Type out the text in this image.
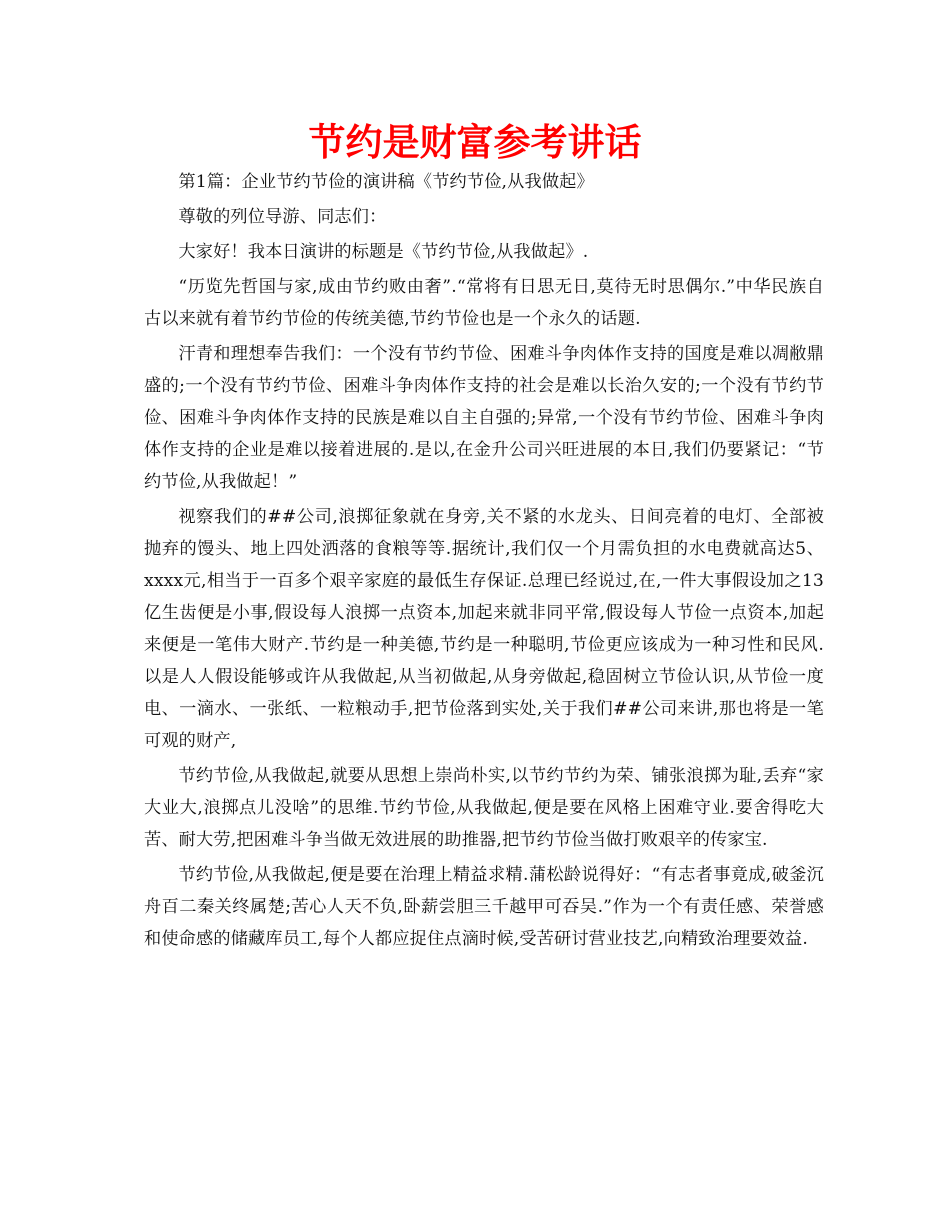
节约是财富参考讲话

第1篇：企业节约节俭的演讲稿《节约节俭,从我做起》

尊敬的列位导游、同志们：

大家好！我本日演讲的标题是《节约节俭,从我做起》.

“历览先哲国与家,成由节约败由奢”.“常将有日思无日,莫待无时思偶尔.”中华民族自古以来就有着节约节俭的传统美德,节约节俭也是一个永久的话题.

汗青和理想奉告我们：一个没有节约节俭、困难斗争肉体作支持的国度是难以凋敝鼎盛的;一个没有节约节俭、困难斗争肉体作支持的社会是难以长治久安的;一个没有节约节俭、困难斗争肉体作支持的民族是难以自主自强的;异常,一个没有节约节俭、困难斗争肉体作支持的企业是难以接着进展的.是以,在金升公司兴旺进展的本日,我们仍要紧记：“节约节俭,从我做起！”

视察我们的##公司,浪掷征象就在身旁,关不紧的水龙头、日间亮着的电灯、全部被抛弃的馒头、地上四处洒落的食粮等等.据统计,我们仅一个月需负担的水电费就高达5、xxxx元,相当于一百多个艰辛家庭的最低生存保证.总理已经说过,在,一件大事假设加之13亿生齿便是小事,假设每人浪掷一点资本,加起来就非同平常,假设每人节俭一点资本,加起来便是一笔伟大财产.节约是一种美德,节约是一种聪明,节俭更应该成为一种习性和民风.以是人人假设能够或许从我做起,从当初做起,从身旁做起,稳固树立节俭认识,从节俭一度电、一滴水、一张纸、一粒粮动手,把节俭落到实处,关于我们##公司来讲,那也将是一笔可观的财产,

节约节俭,从我做起,就要从思想上崇尚朴实,以节约节约为荣、铺张浪掷为耻,丢弃“家大业大,浪掷点儿没啥”的思维.节约节俭,从我做起,便是要在风格上困难守业.要舍得吃大苦、耐大劳,把困难斗争当做无效进展的助推器,把节约节俭当做打败艰辛的传家宝.

节约节俭,从我做起,便是要在治理上精益求精.蒲松龄说得好：“有志者事竟成,破釜沉舟百二秦关终属楚;苦心人天不负,卧薪尝胆三千越甲可吞吴.”作为一个有责任感、荣誉感和使命感的储藏库员工,每个人都应捉住点滴时候,受苦研讨营业技艺,向精致治理要效益.
